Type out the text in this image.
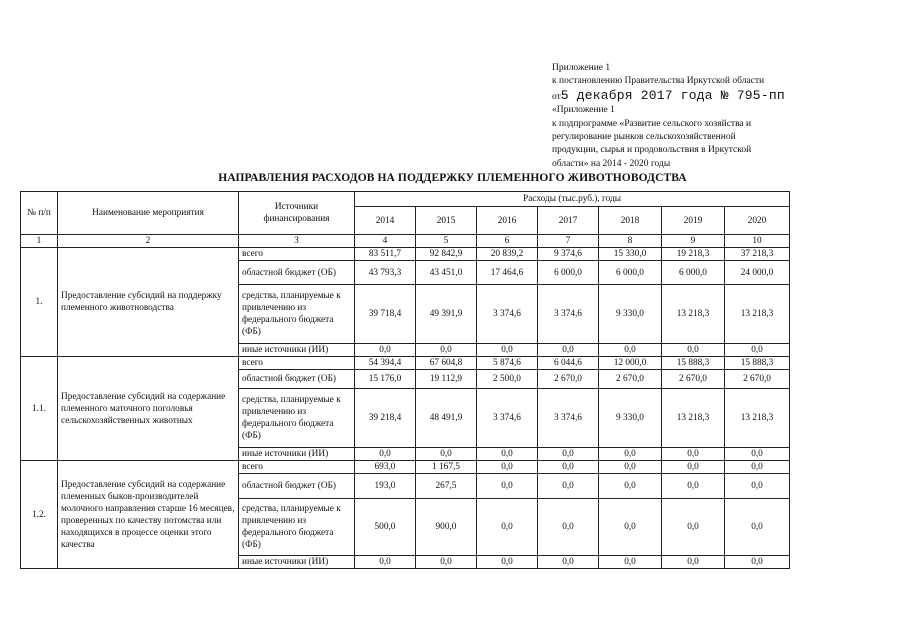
Приложение 1
к постановлению Правительства Иркутской области
от5 декабря 2017 года № 795-пп
«Приложение 1
к подпрограмме «Развитие сельского хозяйства и
регулирование рынков сельскохозяйственной
продукции, сырья и продовольствия в Иркутской
области» на 2014 - 2020 годы
НАПРАВЛЕНИЯ РАСХОДОВ НА ПОДДЕРЖКУ ПЛЕМЕННОГО ЖИВОТНОВОДСТВА
№ п/п	Наименование мероприятия	Источники финансирования	Расходы (тыс.руб.), годы						
			2014	2015	2016	2017	2018	2019	2020
1	2	3	4	5	6	7	8	9	10
1.	Предоставление субсидий на поддержку племенного животноводства	всего	83 511,7	92 842,9	20 839,2	9 374,6	15 330,0	19 218,3	37 218,3
		областной бюджет (ОБ)	43 793,3	43 451,0	17 464,6	6 000,0	6 000,0	6 000,0	24 000,0
		средства, планируемые к привлечению из федерального бюджета (ФБ)	39 718,4	49 391,9	3 374,6	3 374,6	9 330,0	13 218,3	13 218,3
		иные источники (ИИ)	0,0	0,0	0,0	0,0	0,0	0,0	0,0
1.1.	Предоставление субсидий на содержание племенного маточного поголовья сельскохозяйственных животных	всего	54 394,4	67 604,8	5 874,6	6 044,6	12 000,0	15 888,3	15 888,3
		областной бюджет (ОБ)	15 176,0	19 112,9	2 500,0	2 670,0	2 670,0	2 670,0	2 670,0
		средства, планируемые к привлечению из федерального бюджета (ФБ)	39 218,4	48 491,9	3 374,6	3 374,6	9 330,0	13 218,3	13 218,3
		иные источники (ИИ)	0,0	0,0	0,0	0,0	0,0	0,0	0,0
1.2.	Предоставление субсидий на содержание племенных быков-производителей молочного направления старше 16 месяцев, проверенных по качеству потомства или находящихся в процессе оценки этого качества	всего	693,0	1 167,5	0,0	0,0	0,0	0,0	0,0
		областной бюджет (ОБ)	193,0	267,5	0,0	0,0	0,0	0,0	0,0
		средства, планируемые к привлечению из федерального бюджета (ФБ)	500,0	900,0	0,0	0,0	0,0	0,0	0,0
		иные источники (ИИ)	0,0	0,0	0,0	0,0	0,0	0,0	0,0
